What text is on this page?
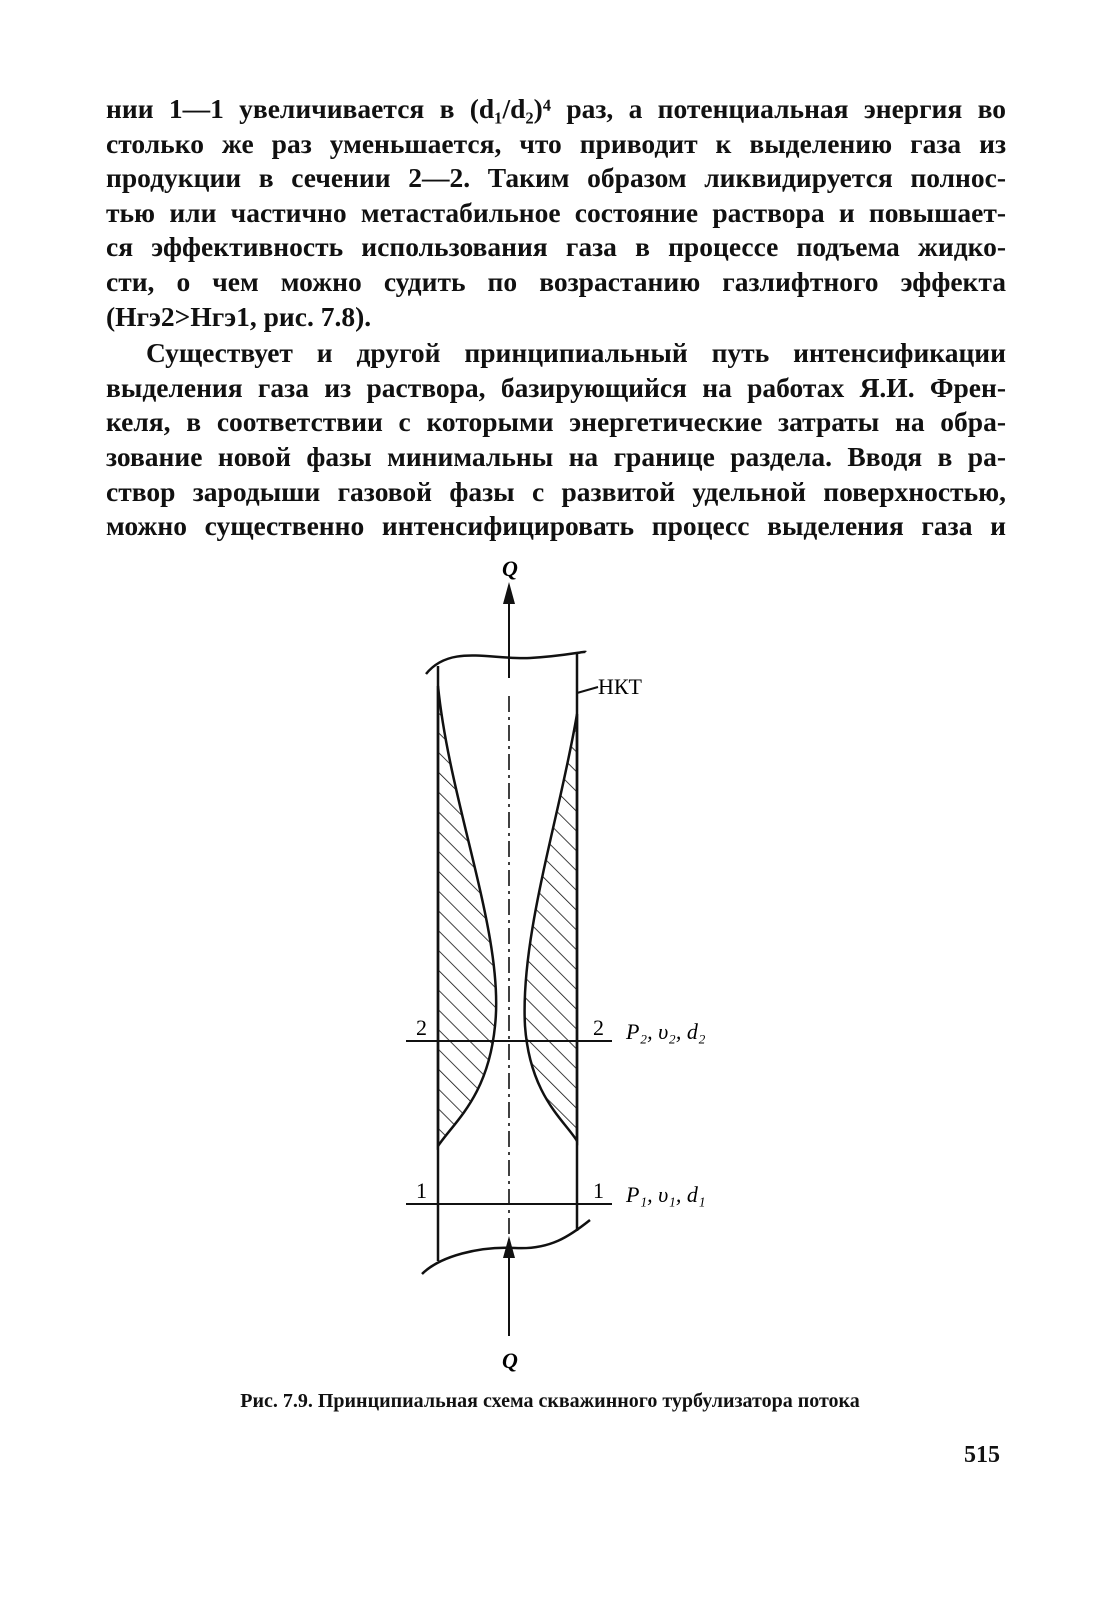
нии 1—1 увеличивается в (d₁/d₂)⁴ раз, а потенциальная энергия во
столько же раз уменьшается, что приводит к выделению газа из
продукции в сечении 2—2. Таким образом ликвидируется полнос-
тью или частично метастабильное состояние раствора и повышает-
ся эффективность использования газа в процессе подъема жидко-
сти, о чем можно судить по возрастанию газлифтного эффекта
(Hгэ2>Hгэ1, рис. 7.8).

Существует и другой принципиальный путь интенсификации
выделения газа из раствора, базирующийся на работах Я.И. Френ-
келя, в соответствии с которыми энергетические затраты на обра-
зование новой фазы минимальны на границе раздела. Вводя в ра-
створ зародыши газовой фазы с развитой удельной поверхностью,
можно существенно интенсифицировать процесс выделения газа и

Q
2	2 P₂, υ₂, d₂
1	1 P₁, υ₁, d₁
НКТ
Q
Рис. 7.9. Принципиальная схема скважинного турбулизатора потока
515
